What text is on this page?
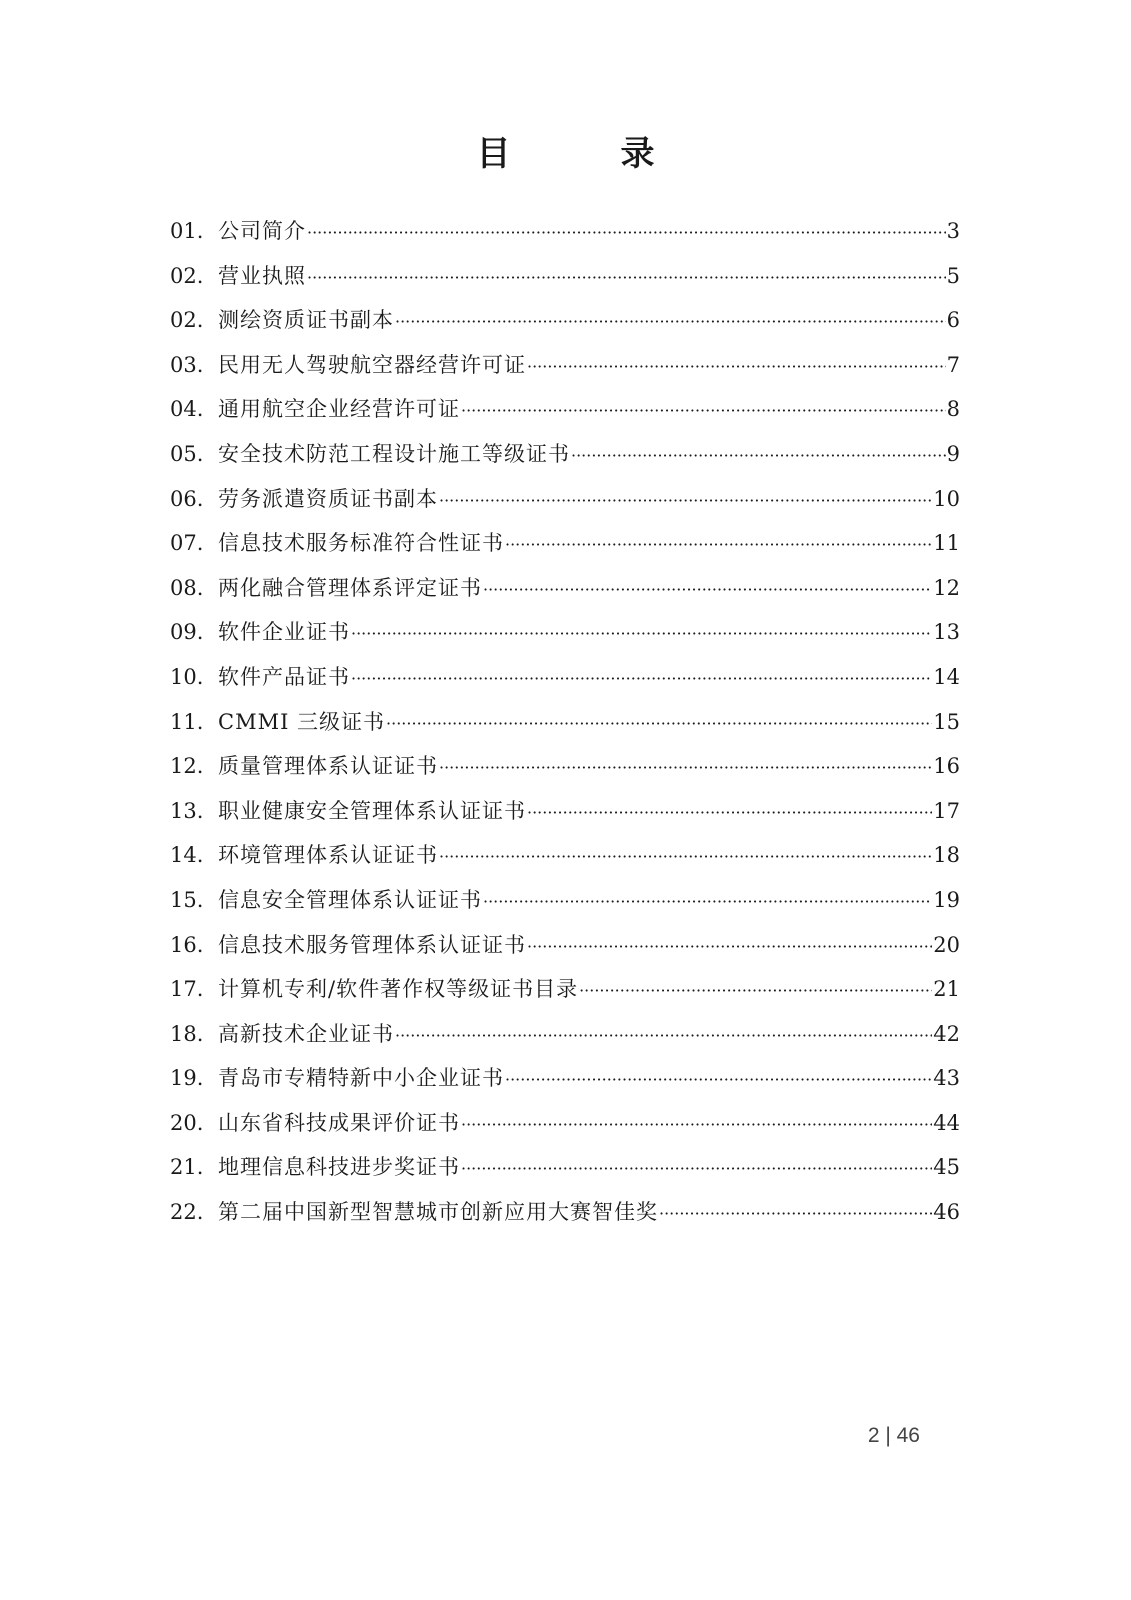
目　录
01. 公司简介 ·····	3
02. 营业执照 ·····	5
02. 测绘资质证书副本 ·····	6
03. 民用无人驾驶航空器经营许可证 ·····	7
04. 通用航空企业经营许可证 ·····	8
05. 安全技术防范工程设计施工等级证书 ·····	9
06. 劳务派遣资质证书副本 ·····	10
07. 信息技术服务标准符合性证书 ·····	11
08. 两化融合管理体系评定证书 ·····	12
09. 软件企业证书 ·····	13
10. 软件产品证书 ·····	14
11. CMMI 三级证书 ·····	15
12. 质量管理体系认证证书 ·····	16
13. 职业健康安全管理体系认证证书 ·····	17
14. 环境管理体系认证证书 ·····	18
15. 信息安全管理体系认证证书 ·····	19
16. 信息技术服务管理体系认证证书 ·····	20
17. 计算机专利/软件著作权等级证书目录 ·····	21
18. 高新技术企业证书 ·····	42
19. 青岛市专精特新中小企业证书 ·····	43
20. 山东省科技成果评价证书 ·····	44
21. 地理信息科技进步奖证书 ·····	45
22. 第二届中国新型智慧城市创新应用大赛智佳奖 ·····	46
2 | 46
